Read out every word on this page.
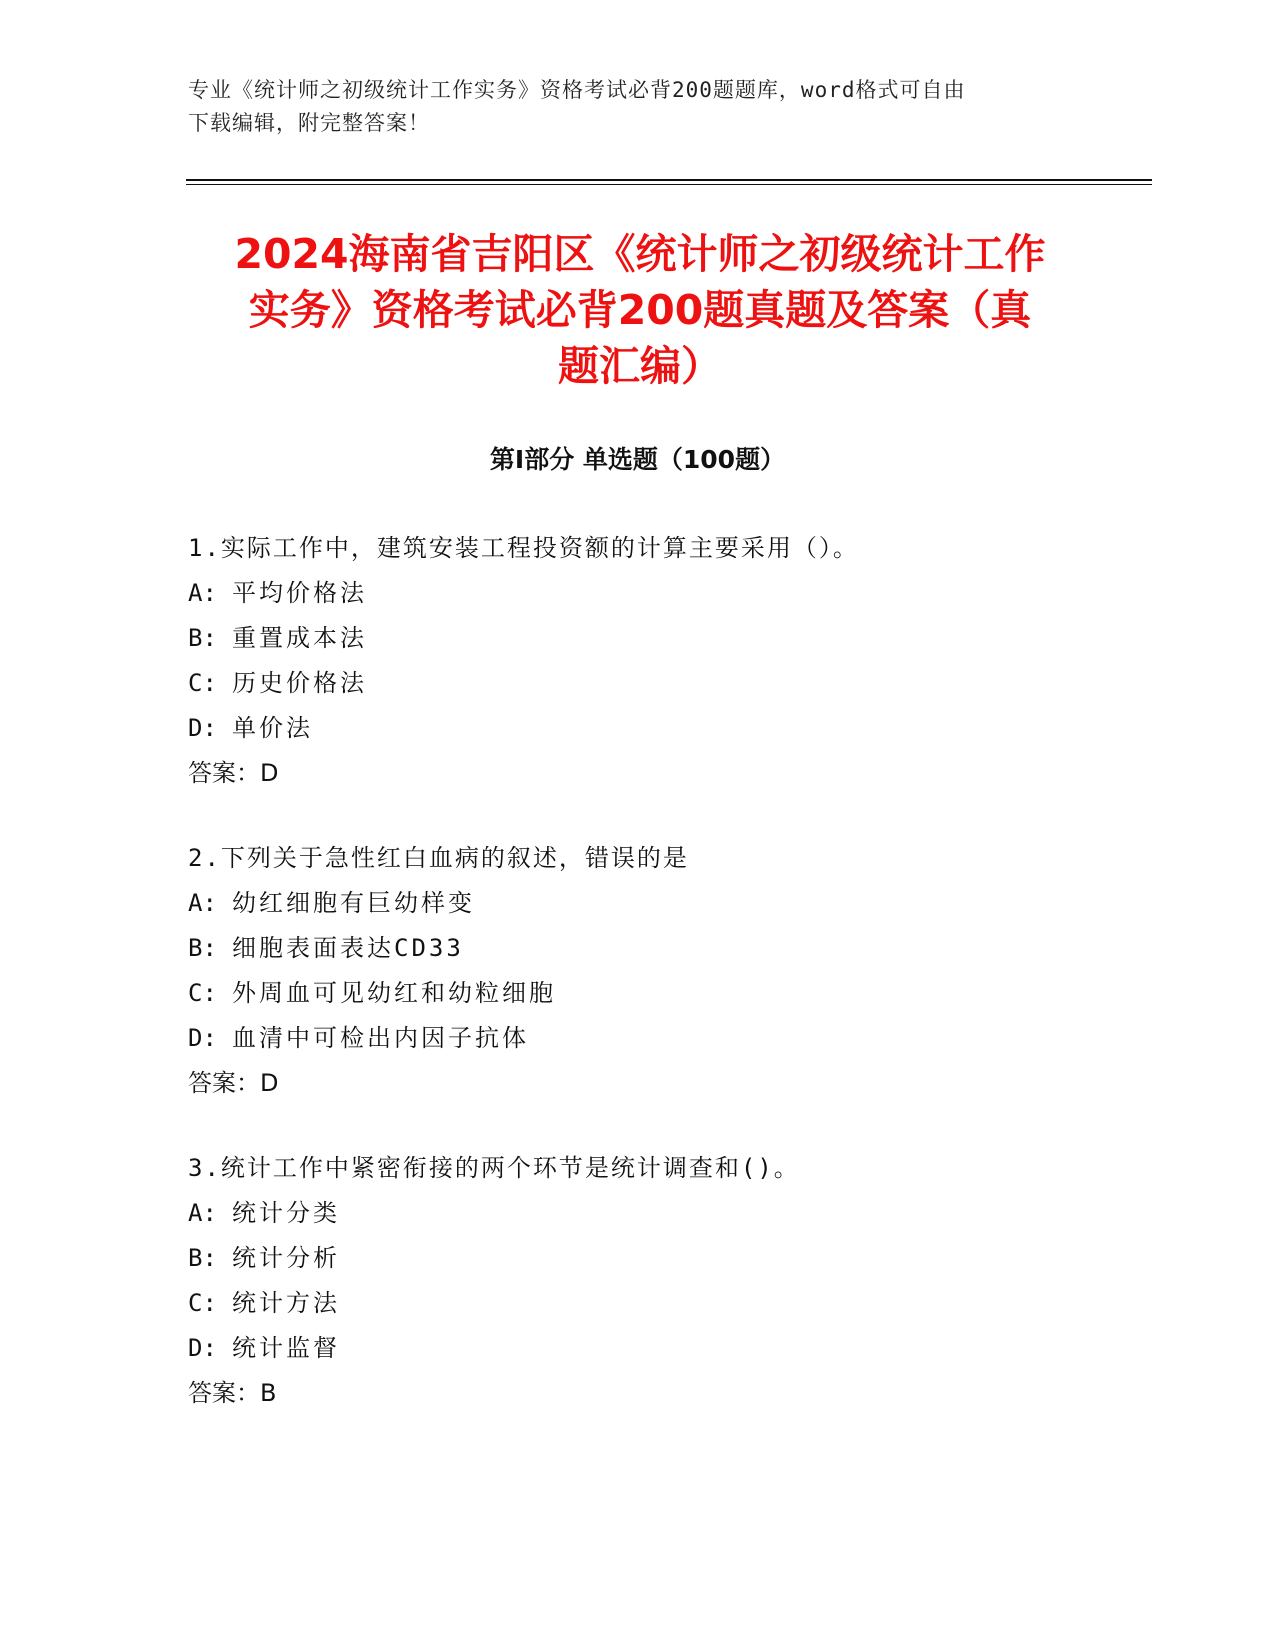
专业《统计师之初级统计工作实务》资格考试必背200题题库，word格式可自由
下载编辑，附完整答案！
2024海南省吉阳区《统计师之初级统计工作
实务》资格考试必背200题真题及答案（真
题汇编）
第Ⅰ部分 单选题（100题）
1.实际工作中，建筑安装工程投资额的计算主要采用（）。
A: 平均价格法
B: 重置成本法
C: 历史价格法
D: 单价法
答案：D
2.下列关于急性红白血病的叙述，错误的是
A: 幼红细胞有巨幼样变
B: 细胞表面表达CD33
C: 外周血可见幼红和幼粒细胞
D: 血清中可检出内因子抗体
答案：D
3.统计工作中紧密衔接的两个环节是统计调查和()。
A: 统计分类
B: 统计分析
C: 统计方法
D: 统计监督
答案：B
